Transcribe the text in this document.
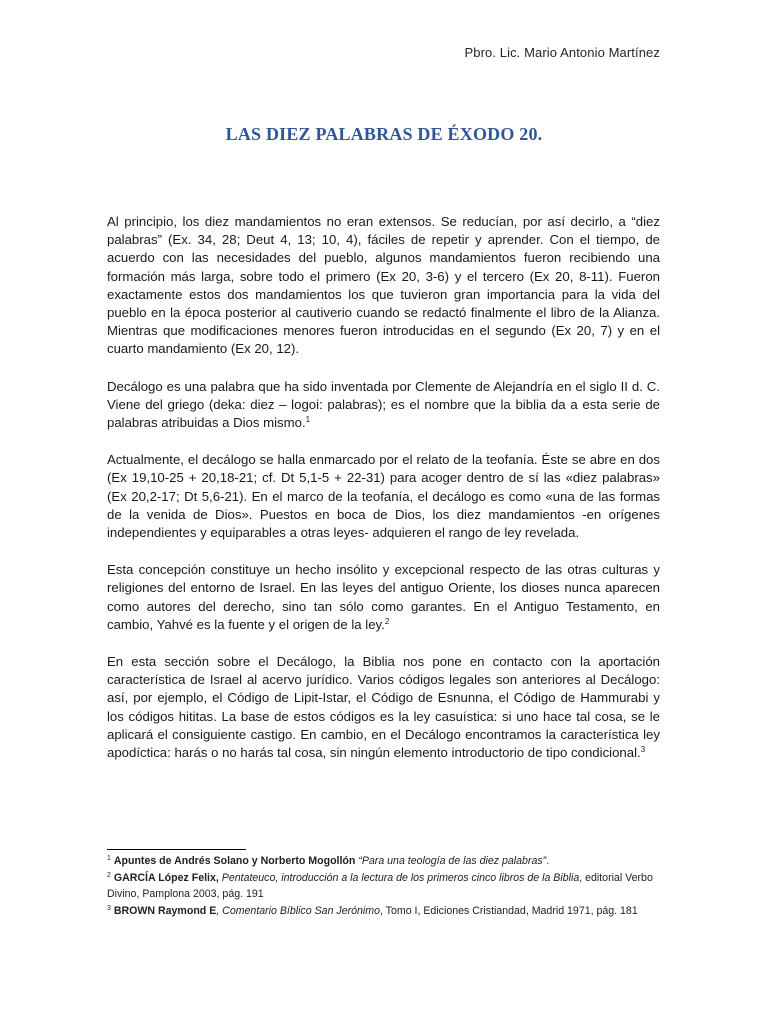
Pbro. Lic. Mario Antonio Martínez
LAS DIEZ PALABRAS DE ÉXODO 20.

Al principio, los diez mandamientos no eran extensos. Se reducían, por así decirlo, a “diez palabras” (Ex. 34, 28; Deut 4, 13; 10, 4), fáciles de repetir y aprender. Con el tiempo, de acuerdo con las necesidades del pueblo, algunos mandamientos fueron recibiendo una formación más larga, sobre todo el primero (Ex 20, 3-6) y el tercero (Ex 20, 8-11). Fueron exactamente estos dos mandamientos los que tuvieron gran importancia para la vida del pueblo en la época posterior al cautiverio cuando se redactó finalmente el libro de la Alianza. Mientras que modificaciones menores fueron introducidas en el segundo (Ex 20, 7) y en el cuarto mandamiento (Ex 20, 12).

Decálogo es una palabra que ha sido inventada por Clemente de Alejandría en el siglo II d. C. Viene del griego (deka: diez – logoi: palabras); es el nombre que la biblia da a esta serie de palabras atribuidas a Dios mismo.$^1$

Actualmente, el decálogo se halla enmarcado por el relato de la teofanía. Éste se abre en dos (Ex 19,10-25 + 20,18-21; cf. Dt 5,1-5 + 22-31) para acoger dentro de sí las «diez palabras» (Ex 20,2-17; Dt 5,6-21). En el marco de la teofanía, el decálogo es como «una de las formas de la venida de Dios». Puestos en boca de Dios, los diez mandamientos -en orígenes independientes y equiparables a otras leyes- adquieren el rango de ley revelada.

Esta concepción constituye un hecho insólito y excepcional respecto de las otras culturas y religiones del entorno de Israel. En las leyes del antiguo Oriente, los dioses nunca aparecen como autores del derecho, sino tan sólo como garantes. En el Antiguo Testamento, en cambio, Yahvé es la fuente y el origen de la ley.$^2$

En esta sección sobre el Decálogo, la Biblia nos pone en contacto con la aportación característica de Israel al acervo jurídico. Varios códigos legales son anteriores al Decálogo: así, por ejemplo, el Código de Lipit-Istar, el Código de Esnunna, el Código de Hammurabi y los códigos hititas. La base de estos códigos es la ley casuística: si uno hace tal cosa, se le aplicará el consiguiente castigo. En cambio, en el Decálogo encontramos la característica ley apodíctica: harás o no harás tal cosa, sin ningún elemento introductorio de tipo condicional.$^3$

$^1$ Apuntes de Andrés Solano y Norberto Mogollón “Para una teología de las diez palabras”.
$^2$ GARCÍA López Felix, Pentateuco, introducción a la lectura de los primeros cinco libros de la Biblia, editorial Verbo Divino, Pamplona 2003, pág. 191
$^3$ BROWN Raymond E, Comentario Bíblico San Jerónimo, Tomo I, Ediciones Cristiandad, Madrid 1971, pág. 181
